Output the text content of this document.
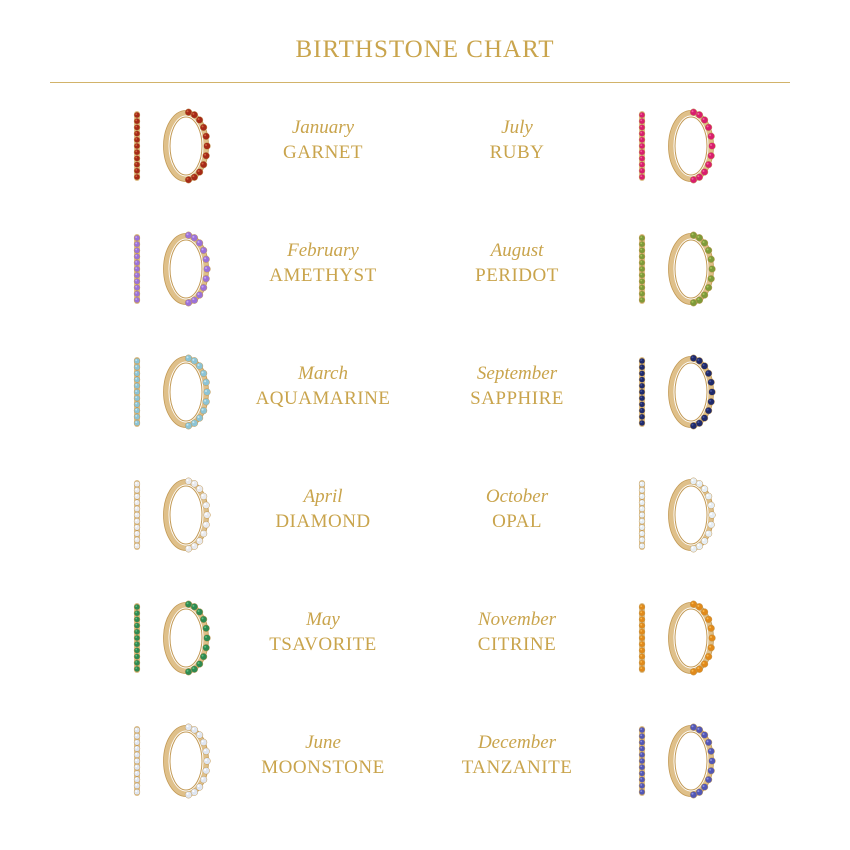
BIRTHSTONE CHART
January
GARNET
July
RUBY
February
AMETHYST
August
PERIDOT
March
AQUAMARINE
September
SAPPHIRE
April
DIAMOND
October
OPAL
May
TSAVORITE
November
CITRINE
June
MOONSTONE
December
TANZANITE
